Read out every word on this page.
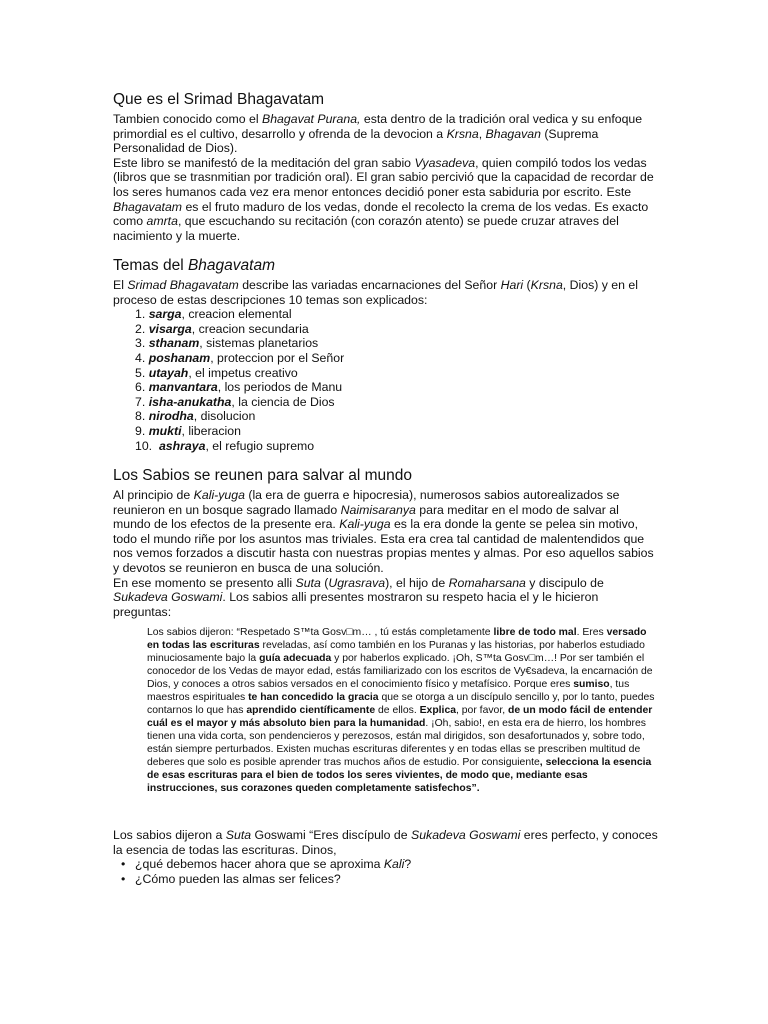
Que es el Srimad Bhagavatam

Tambien conocido como el Bhagavat Purana, esta dentro de la tradición oral vedica y su enfoque primordial es el cultivo, desarrollo y ofrenda de la devocion a Krsna, Bhagavan (Suprema Personalidad de Dios).

Este libro se manifestó de la meditación del gran sabio Vyasadeva, quien compiló todos los vedas (libros que se trasnmitian por tradición oral). El gran sabio percivió que la capacidad de recordar de los seres humanos cada vez era menor entonces decidió poner esta sabiduria por escrito. Este Bhagavatam es el fruto maduro de los vedas, donde el recolecto la crema de los vedas. Es exacto como amrta, que escuchando su recitación (con corazón atento) se puede cruzar atraves del nacimiento y la muerte.

Temas del Bhagavatam

El Srimad Bhagavatam describe las variadas encarnaciones del Señor Hari (Krsna, Dios) y en el proceso de estas descripciones 10 temas son explicados:

1. sarga, creacion elemental
2. visarga, creacion secundaria
3. sthanam, sistemas planetarios
4. poshanam, proteccion por el Señor
5. utayah, el impetus creativo
6. manvantara, los periodos de Manu
7. isha-anukatha, la ciencia de Dios
8. nirodha, disolucion
9. mukti, liberacion
10.  ashraya, el refugio supremo
Los Sabios se reunen para salvar al mundo

Al principio de Kali-yuga (la era de guerra e hipocresia), numerosos sabios autorealizados se reunieron en un bosque sagrado llamado Naimisaranya para meditar en el modo de salvar al mundo de los efectos de la presente era. Kali-yuga es la era donde la gente se pelea sin motivo, todo el mundo riñe por los asuntos mas triviales. Esta era crea tal cantidad de malentendidos que nos vemos forzados a discutir hasta con nuestras propias mentes y almas. Por eso aquellos sabios y devotos se reunieron en busca de una solución.

En ese momento se presento alli Suta (Ugrasrava), el hijo de Romaharsana y discipulo de Sukadeva Goswami. Los sabios alli presentes mostraron su respeto hacia el y le hicieron preguntas:

Los sabios dijeron: “Respetado S™ta Gosv□m… , tú estás completamente libre de todo mal. Eres versado en todas las escrituras reveladas, así como también en los Puranas y las historias, por haberlos estudiado minuciosamente bajo la guía adecuada y por haberlos explicado. ¡Oh, S™ta Gosv□m…! Por ser también el conocedor de los Vedas de mayor edad, estás familiarizado con los escritos de Vy€sadeva, la encarnación de Dios, y conoces a otros sabios versados en el conocimiento físico y metafísico. Porque eres sumiso, tus maestros espirituales te han concedido la gracia que se otorga a un discípulo sencillo y, por lo tanto, puedes contarnos lo que has aprendido científicamente de ellos. Explica, por favor, de un modo fácil de entender cuál es el mayor y más absoluto bien para la humanidad. ¡Oh, sabio!, en esta era de hierro, los hombres tienen una vida corta, son pendencieros y perezosos, están mal dirigidos, son desafortunados y, sobre todo, están siempre perturbados. Existen muchas escrituras diferentes y en todas ellas se prescriben multitud de deberes que solo es posible aprender tras muchos años de estudio. Por consiguiente, selecciona la esencia de esas escrituras para el bien de todos los seres vivientes, de modo que, mediante esas instrucciones, sus corazones queden completamente satisfechos”.

Los sabios dijeron a Suta Goswami “Eres discípulo de Sukadeva Goswami eres perfecto, y conoces la esencia de todas las escrituras. Dinos,

• ¿qué debemos hacer ahora que se aproxima Kali?
• ¿Cómo pueden las almas ser felices?
